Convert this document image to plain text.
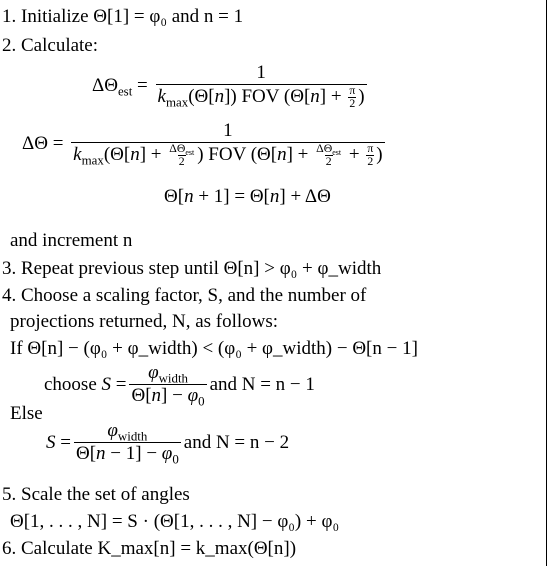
1. Initialize Θ[1] = φ₀ and n = 1
2. Calculate:
$\Delta\Theta_{est} = \frac{1}{k_{max}(\Theta[n]) FOV (\Theta[n] + \frac{\pi}{2} )}$
ΔΘ = 1
$k_{max}(\Theta[n] + \Delta\Theta_{est}$
2 ) FOV ($\Theta[n] + \Delta\Theta_{est}$
$2 + \frac{\pi}{2}$ )
Θ[n + 1] = Θ[n] + ΔΘ
and increment n
3. Repeat previous step until Θ[n] > φ₀ + φ_width
4. Choose a scaling factor, S, and the number of
projections returned, N, as follows:
If Θ[n] − (φ₀ + φ_width) < (φ₀ + φ_width) − Θ[n − 1]
choose $S = \frac{\varphi_{width}}{\Theta[n] - \varphi_0}$ and N = n − 1
Else
$S = \frac{\varphi_{width}}{\Theta[n - 1] - \varphi_0}$ and N = n − 2
5. Scale the set of angles
Θ[1, . . . , N] = S · (Θ[1, . . . , N] − φ₀) + φ₀
6. Calculate K_max[n] = k_max(Θ[n])
